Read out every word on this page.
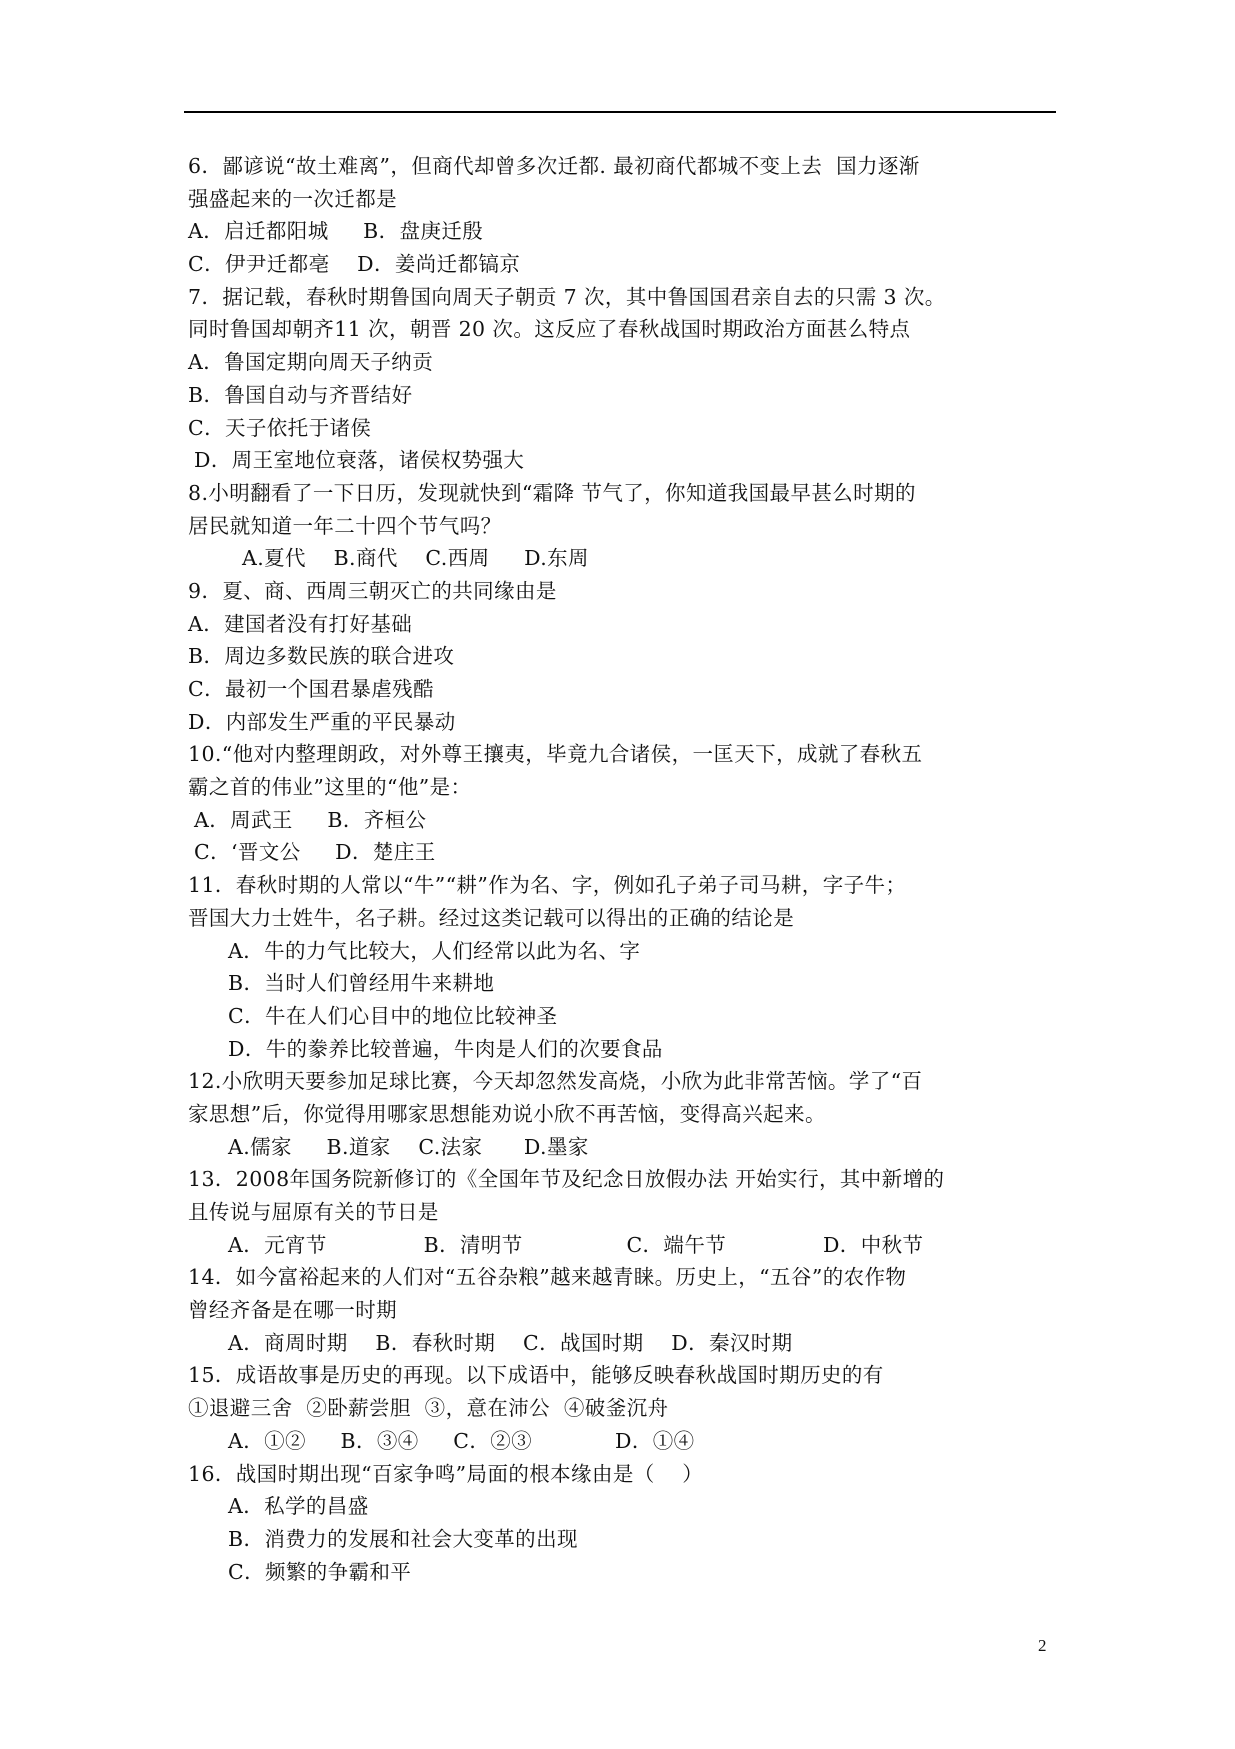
6．鄙谚说“故土难离”，但商代却曾多次迁都. 最初商代都城不变上去  国力逐渐
强盛起来的一次迁都是
A．启迁都阳城     B．盘庚迁殷
C．伊尹迁都亳    D．姜尚迁都镐京
7．据记载，春秋时期鲁国向周天子朝贡 7 次，其中鲁国国君亲自去的只需 3 次。
同时鲁国却朝齐11 次，朝晋 20 次。这反应了春秋战国时期政治方面甚么特点
A．鲁国定期向周天子纳贡
B．鲁国自动与齐晋结好
C．天子依托于诸侯
D．周王室地位衰落，诸侯权势强大
8.小明翻看了一下日历，发现就快到“霜降 节气了，你知道我国最早甚么时期的
居民就知道一年二十四个节气吗？
A.夏代    B.商代    C.西周     D.东周
9．夏、商、西周三朝灭亡的共同缘由是
A．建国者没有打好基础
B．周边多数民族的联合进攻
C．最初一个国君暴虐残酷
D．内部发生严重的平民暴动
10.“他对内整理朗政，对外尊王攘夷，毕竟九合诸侯，一匡天下，成就了春秋五
霸之首的伟业”这里的“他”是：
A．周武王     B．齐桓公
C．‘晋文公     D．楚庄王
11．春秋时期的人常以“牛”“耕”作为名、字，例如孔子弟子司马耕，字子牛；
晋国大力士姓牛，名子耕。经过这类记载可以得出的正确的结论是
A．牛的力气比较大，人们经常以此为名、字
B．当时人们曾经用牛来耕地
C．牛在人们心目中的地位比较神圣
D．牛的豢养比较普遍，牛肉是人们的次要食品
12.小欣明天要参加足球比赛，今天却忽然发高烧，小欣为此非常苦恼。学了“百
家思想”后，你觉得用哪家思想能劝说小欣不再苦恼，变得高兴起来。
A.儒家     B.道家    C.法家      D.墨家
13．2008年国务院新修订的《全国年节及纪念日放假办法 开始实行，其中新增的
且传说与屈原有关的节日是
A．元宵节              B．清明节               C．端午节              D．中秋节
14．如今富裕起来的人们对“五谷杂粮”越来越青睐。历史上，“五谷”的农作物
曾经齐备是在哪一时期
A．商周时期    B．春秋时期    C．战国时期    D．秦汉时期
15．成语故事是历史的再现。以下成语中，能够反映春秋战国时期历史的有
①退避三舍  ②卧薪尝胆  ③，意在沛公  ④破釜沉舟
A．①②     B．③④     C．②③            D．①④
16．战国时期出现“百家争鸣”局面的根本缘由是（    ）
A．私学的昌盛
B．消费力的发展和社会大变革的出现
C．频繁的争霸和平
2
